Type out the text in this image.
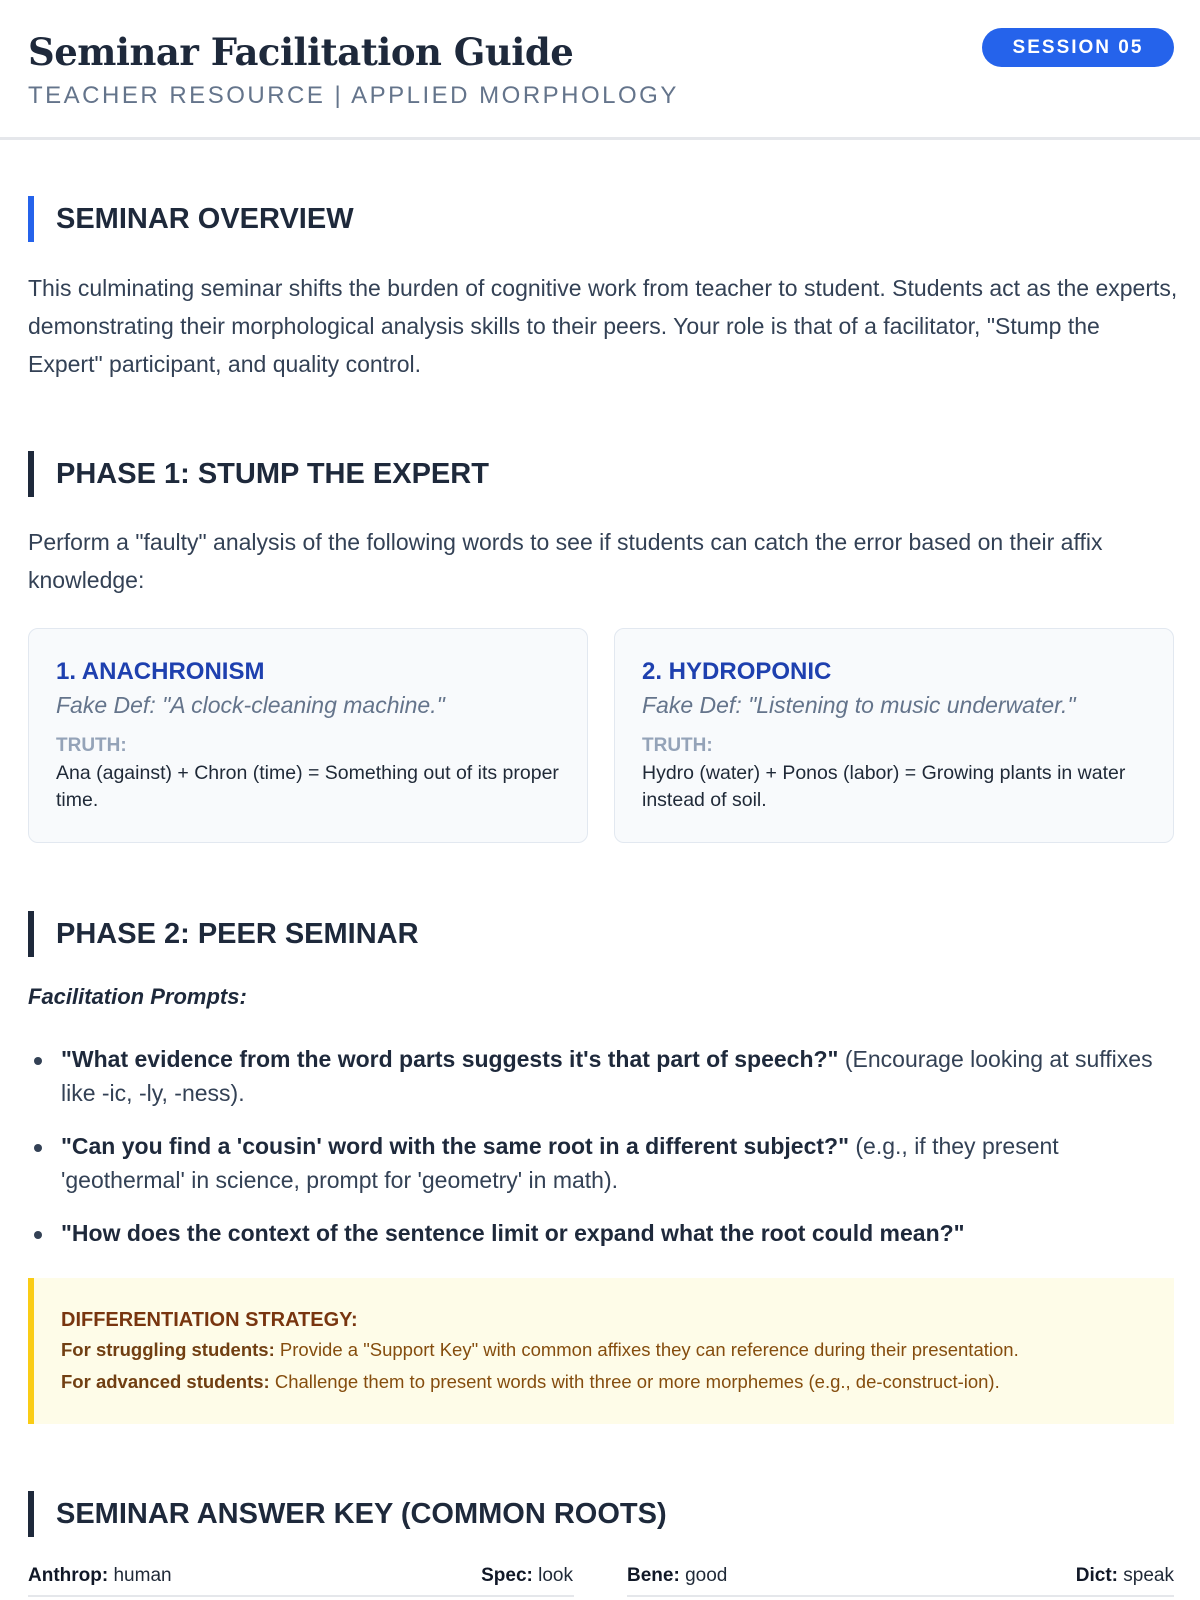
Seminar Facilitation Guide
TEACHER RESOURCE | APPLIED MORPHOLOGY
SESSION 05
SEMINAR OVERVIEW

This culminating seminar shifts the burden of cognitive work from teacher to student. Students act as the experts, demonstrating their morphological analysis skills to their peers. Your role is that of a facilitator, "Stump the Expert" participant, and quality control.

PHASE 1: STUMP THE EXPERT

Perform a "faulty" analysis of the following words to see if students can catch the error based on their affix knowledge:

1. ANACHRONISM
Fake Def: "A clock-cleaning machine."
TRUTH:
Ana (against) + Chron (time) = Something out of its proper time.
2. HYDROPONIC
Fake Def: "Listening to music underwater."
TRUTH:
Hydro (water) + Ponos (labor) = Growing plants in water instead of soil.
PHASE 2: PEER SEMINAR
Facilitation Prompts:
"What evidence from the word parts suggests it's that part of speech?" (Encourage looking at suffixes like -ic, -ly, -ness).
"Can you find a 'cousin' word with the same root in a different subject?" (e.g., if they present 'geothermal' in science, prompt for 'geometry' in math).
"How does the context of the sentence limit or expand what the root could mean?"
DIFFERENTIATION STRATEGY:
For struggling students: Provide a "Support Key" with common affixes they can reference during their presentation.
For advanced students: Challenge them to present words with three or more morphemes (e.g., de-construct-ion).
SEMINAR ANSWER KEY (COMMON ROOTS)
Anthrop: human	Spec: look	Bene: good	Dict: speak
